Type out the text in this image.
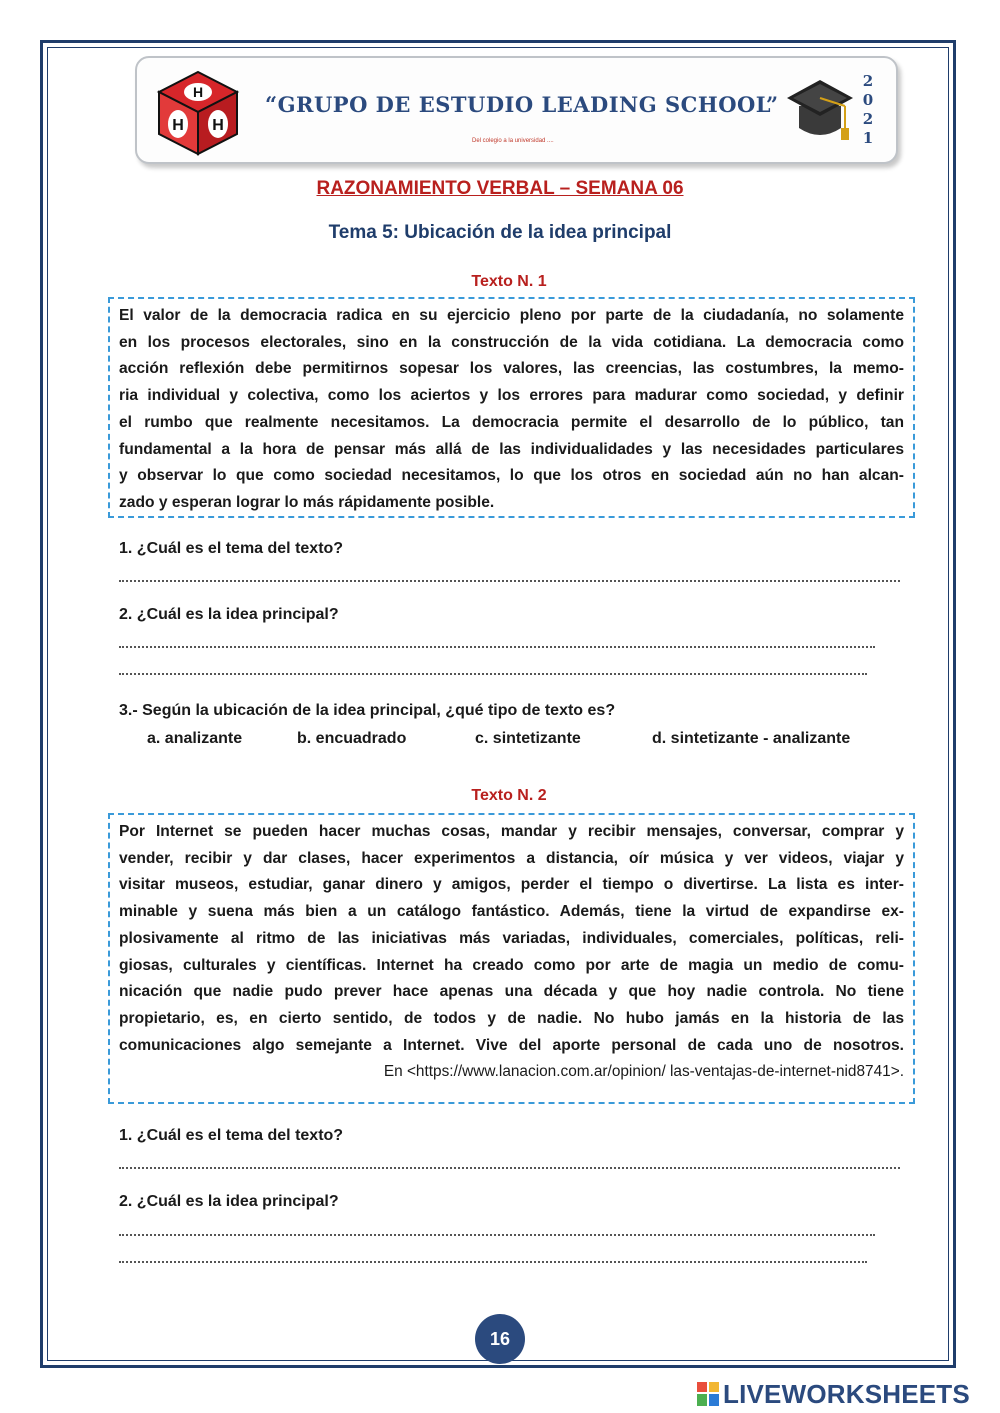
H
H H
“GRUPO DE ESTUDIO LEADING SCHOOL”
Del colegio a la universidad ....
2
0
2
1
RAZONAMIENTO VERBAL – SEMANA 06
Tema 5: Ubicación de la idea principal
Texto N. 1

El valor de la democracia radica en su ejercicio pleno por parte de la ciudadanía, no solamente

en los procesos electorales, sino en la construcción de la vida cotidiana. La democracia como

acción reflexión debe permitirnos sopesar los valores, las creencias, las costumbres, la memo-

ria individual y colectiva, como los aciertos y los errores para madurar como sociedad, y definir

el rumbo que realmente necesitamos. La democracia permite el desarrollo de lo público, tan

fundamental a la hora de pensar más allá de las individualidades y las necesidades particulares

y observar lo que como sociedad necesitamos, lo que los otros en sociedad aún no han alcan-

zado y esperan lograr lo más rápidamente posible.

1. ¿Cuál es el tema del texto?
2. ¿Cuál es la idea principal?
3.- Según la ubicación de la idea principal, ¿qué tipo de texto es?
a. analizante	b. encuadrado	c. sintetizante	d. sintetizante - analizante
Texto N. 2

Por Internet se pueden hacer muchas cosas, mandar y recibir mensajes, conversar, comprar y

vender, recibir y dar clases, hacer experimentos a distancia, oír música y ver videos, viajar y

visitar museos, estudiar, ganar dinero y amigos, perder el tiempo o divertirse. La lista es inter-

minable y suena más bien a un catálogo fantástico. Además, tiene la virtud de expandirse ex-

plosivamente al ritmo de las iniciativas más variadas, individuales, comerciales, políticas, reli-

giosas, culturales y científicas. Internet ha creado como por arte de magia un medio de comu-

nicación que nadie pudo prever hace apenas una década y que hoy nadie controla. No tiene

propietario, es, en cierto sentido, de todos y de nadie. No hubo jamás en la historia de las

comunicaciones algo semejante a Internet. Vive del aporte personal de cada uno de nosotros.

En <https://www.lanacion.com.ar/opinion/ las-ventajas-de-internet-nid8741>.
1. ¿Cuál es el tema del texto?
2. ¿Cuál es la idea principal?
16
LIVEWORKSHEETS
